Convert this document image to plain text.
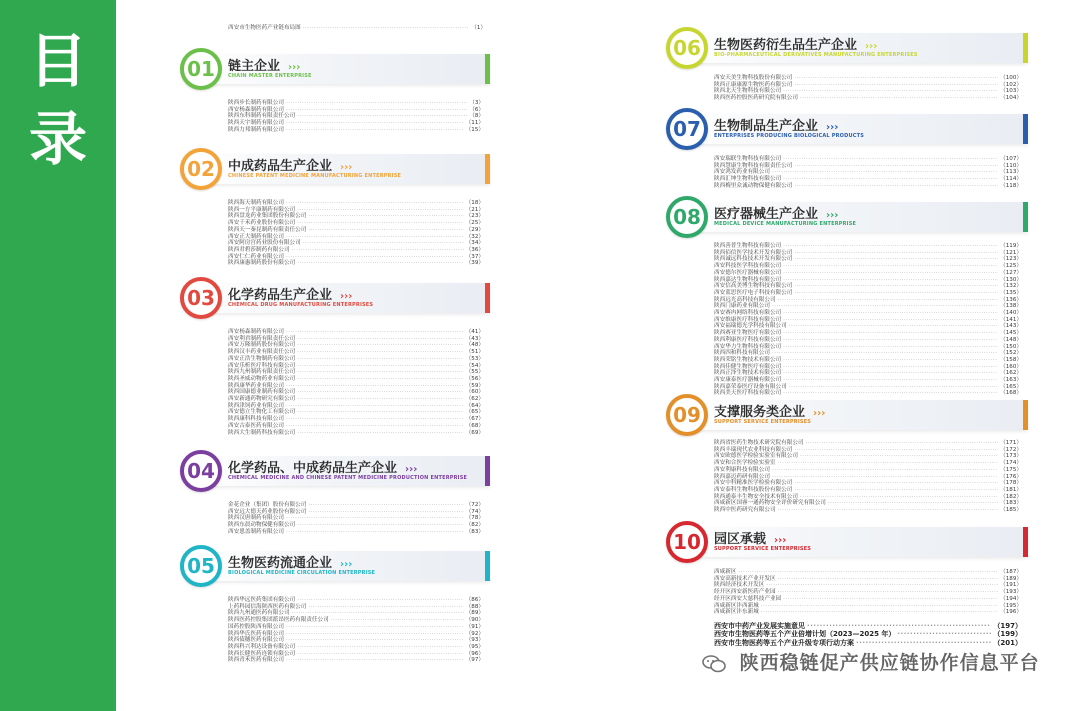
目
录
西安市生物医药产业链布局图 ·····	（1）
01	链主企业 ›››
CHAIN MASTER ENTERPRISE
陕西步长制药有限公司 ·····	（3）
西安杨森制药有限公司 ·····	（6）
陕西东科制药有限责任公司 ·····	（8）
陕西天宇制药有限公司 ·····	（11）
陕西力邦制药有限公司 ·····	（15）
02	中成药品生产企业 ›››
CHINESE PATENT MEDICINE MANUFACTURING ENTERPRISE
陕西海天制药有限公司 ·····	（18）
陕西一方平康制药有限公司 ·····	（21）
陕西盘龙药业集团股份有限公司 ·····	（23）
西安千禾药业股份有限公司 ·····	（25）
陕西天一秦昆制药有限责任公司 ·····	（29）
西安正大制药有限公司 ·····	（32）
西安阿房宫药业股份有限公司 ·····	（34）
陕西君碧莎制药有限公司 ·····	（36）
西安仁仁药业有限公司 ·····	（37）
陕西康惠制药股份有限公司 ·····	（39）
03	化学药品生产企业 ›››
CHEMICAL DRUG MANUFACTURING ENTERPRISES
西安杨森制药有限公司 ·····	（41）
西安利君制药有限责任公司 ·····	（43）
西安万隆制药股份有限公司 ·····	（48）
陕西汉丰药业有限责任公司 ·····	（51）
西安正浩生物制药有限公司 ·····	（53）
西安乐析医疗科技有限公司 ·····	（54）
陕西九州制药有限责任公司 ·····	（55）
陕西圣威动物药业有限公司 ·····	（56）
陕西康华药业有限公司 ·····	（59）
陕西国康德业制药有限公司 ·····	（60）
西安新通药物研究有限公司 ·····	（62）
陕西津饲药业有限公司 ·····	（64）
西安德立生物化工有限公司 ·····	（65）
陕西康科科技有限公司 ·····	（67）
西安古泰医药有限公司 ·····	（68）
陕西大生制药科技有限公司 ·····	（69）
04	化学药品、中成药品生产企业 ›››
CHEMICAL MEDICINE AND CHINESE PATENT MEDICINE PRODUCTION ENTERPRISE
金花企业（集团）股份有限公司 ·····	（72）
西安远大德天药业股份有限公司 ·····	（74）
陕西汉唐制药有限公司 ·····	（78）
陕西东晨动物保健有限公司 ·····	（82）
西安恩盖制药有限公司 ·····	（83）
05	生物医药流通企业 ›››
BIOLOGICAL MEDICINE CIRCULATION ENTERPRISE
陕西华远医药集团有限公司 ·····	（86）
上药科园信海陕西医药有限公司 ·····	（88）
陕西九州通医药有限公司 ·····	（89）
陕西医药控股集团派昂医药有限责任公司 ·····	（90）
国药控股陕西有限公司 ·····	（91）
陕西华氏医药有限公司 ·····	（92）
陕西债穗医药有限公司 ·····	（93）
陕西科兴利达设备有限公司 ·····	（95）
陕西长健医药连锁有限公司 ·····	（96）
陕西青禾医药有限公司 ·····	（97）
06	生物医药衍生品生产企业 ›››
BIO-PHARMACEUTICAL DERIVATIVES MANUFACTURING ENTERPRISES
西安天美生物科技股份有限公司 ·····	（100）
陕西正康康源生物医药有限公司 ·····	（102）
陕西北天生物科技有限公司 ·····	（103）
陕西医药控股医药研究院有限公司 ·····	（104）
07	生物制品生产企业 ›››
ENTERPRISES PRODUCING BIOLOGICAL PRODUCTS
西安瑞联生物科技有限公司 ·····	（107）
陕西慧康生物科技有限责任公司 ·····	（110）
西安鸿发药业有限公司 ·····	（113）
陕西汇坤生物科技有限公司 ·····	（114）
陕西梅里众诚动物保健有限公司 ·····	（118）
08	医疗器械生产企业 ›››
MEDICAL DEVICE MANUFACTURING ENTERPRISE
陕西善普生物科技有限公司 ·····	（119）
陕西佰信医学技术开发有限公司 ·····	（121）
陕西诚远科技技术开发有限公司 ·····	（123）
西安科技医学科技有限公司 ·····	（125）
西安德尔医疗器械有限公司 ·····	（127）
陕西嘉达生物科技有限公司 ·····	（130）
西安信高美博生物科技有限公司 ·····	（132）
西安蓝思医疗电子科技有限公司 ·····	（135）
陕西远光高科技有限公司 ·····	（136）
陕西门康药业有限公司 ·····	（138）
西安赛冉网络科技有限公司 ·····	（140）
西安维康医疗科技有限公司 ·····	（141）
西安福瑞德光学科技有限公司 ·····	（143）
陕西赛亚生物医疗有限公司 ·····	（145）
陕西利康医疗科技有限公司 ·····	（148）
西安华力生物科技有限公司 ·····	（150）
陕西四和科技有限公司 ·····	（152）
陕西荣铭生物技术有限公司 ·····	（158）
陕西佳健生物医疗有限公司 ·····	（160）
陕西正泽生物技术有限公司 ·····	（162）
西安康泰医疗器械有限公司 ·····	（163）
陕西嘉荣泰医疗设备有限公司 ·····	（165）
陕西美天医疗科技有限公司 ·····	（168）
09	支撑服务类企业 ›››
SUPPORT SERVICE ENTERPRISES
陕西省医药生物技术研究院有限公司 ·····	（171）
陕西丰瑞现代农业科技有限公司 ·····	（172）
西安欧德医学检验实验室有限公司 ·····	（173）
西安和合医学检验实验室 ·····	（174）
西安利康科技有限公司 ·····	（175）
陕西嘉迈药研有限公司 ·····	（176）
西安中科精准医学检验有限公司 ·····	（178）
西安泰科生物科技股份有限公司 ·····	（181）
陕西通泰丰生物安全技术有限公司 ·····	（182）
西咸新区国睿一通药物安全评价研究有限公司 ·····	（183）
陕西中医药研究有限公司 ·····	（185）
10	园区承载 ›››
SUPPORT SERVICE ENTERPRISES
西咸新区 ·····	（187）
西安高新技术产业开发区 ·····	（189）
陕西经济技术开发区 ·····	（191）
经开区西安新医药产业园 ·····	（193）
经开区西安大慈科技产业园 ·····	（194）
西咸新区沣西新城 ·····	（195）
西咸新区沣东新城 ·····	（196）
西安市中药产业发展实施意见 ·····	（197）
西安市生物医药等五个产业倍增计划（2023—2025 年） ·····	（199）
西安市生物医药等五个产业升级专项行动方案 ·····	（201）
陕西稳链促产供应链协作信息平台
